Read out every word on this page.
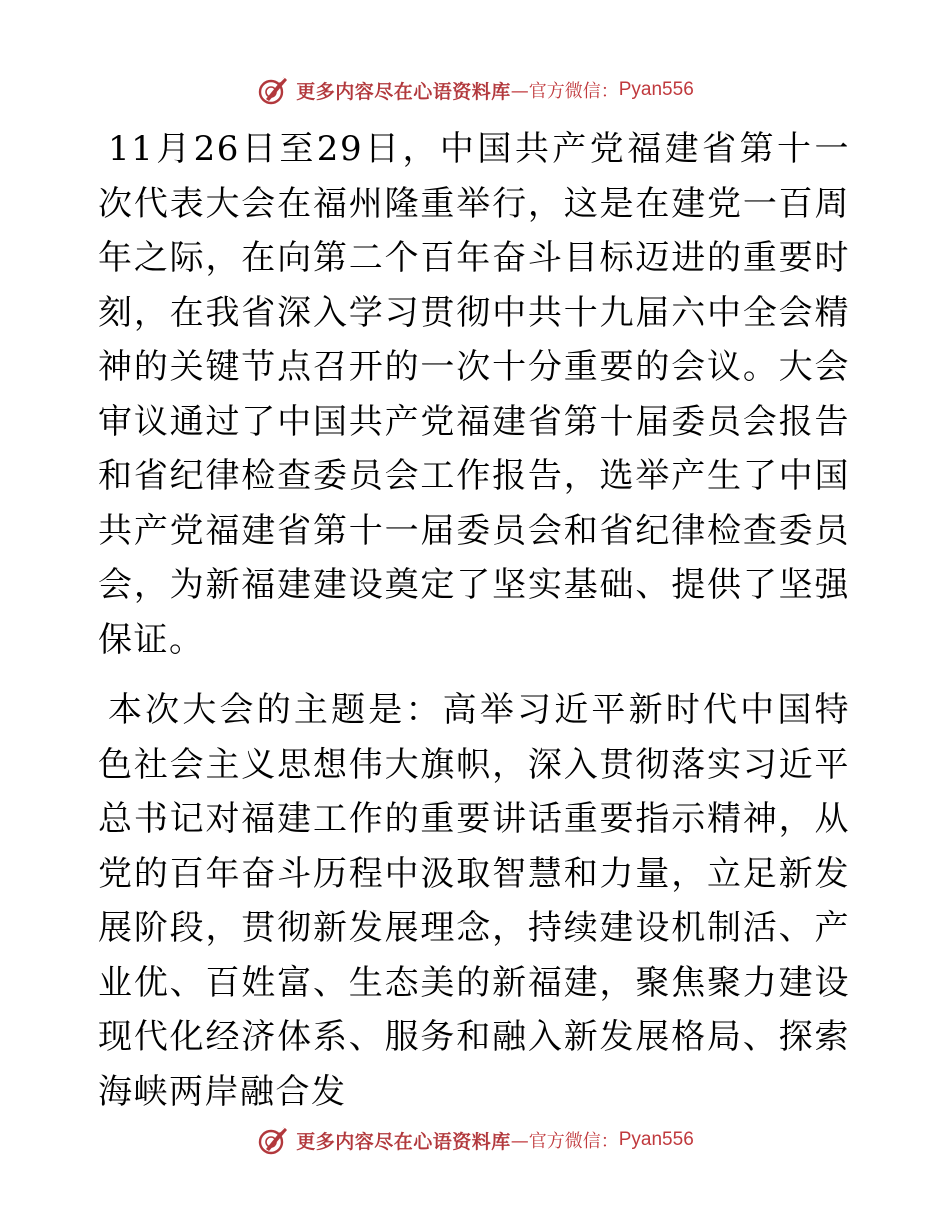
更多内容尽在心语资料库 —官方微信： Pyan556

11月26日至29日，中国共产党福建省第十一次代表大会在福州隆重举行，这是在建党一百周年之际，在向第二个百年奋斗目标迈进的重要时刻，在我省深入学习贯彻中共十九届六中全会精神的关键节点召开的一次十分重要的会议。大会审议通过了中国共产党福建省第十届委员会报告和省纪律检查委员会工作报告，选举产生了中国共产党福建省第十一届委员会和省纪律检查委员会，为新福建建设奠定了坚实基础、提供了坚强保证。

本次大会的主题是：高举习近平新时代中国特色社会主义思想伟大旗帜，深入贯彻落实习近平总书记对福建工作的重要讲话重要指示精神，从党的百年奋斗历程中汲取智慧和力量，立足新发展阶段，贯彻新发展理念，持续建设机制活、产业优、百姓富、生态美的新福建，聚焦聚力建设现代化经济体系、服务和融入新发展格局、探索海峡两岸融合发

更多内容尽在心语资料库 —官方微信： Pyan556
